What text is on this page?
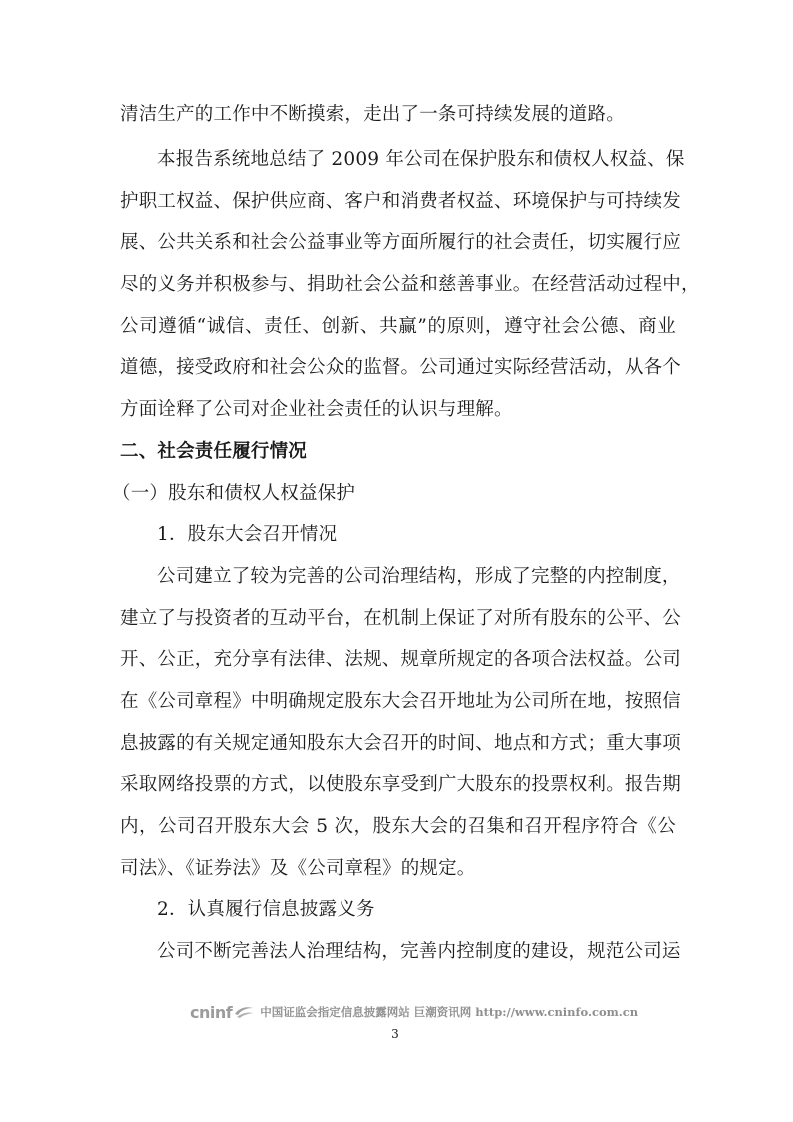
清洁生产的工作中不断摸索，走出了一条可持续发展的道路。
本报告系统地总结了 2009 年公司在保护股东和债权人权益、保
护职工权益、保护供应商、客户和消费者权益、环境保护与可持续发
展、公共关系和社会公益事业等方面所履行的社会责任，切实履行应
尽的义务并积极参与、捐助社会公益和慈善事业。在经营活动过程中，
公司遵循“诚信、责任、创新、共赢”的原则，遵守社会公德、商业
道德，接受政府和社会公众的监督。公司通过实际经营活动，从各个
方面诠释了公司对企业社会责任的认识与理解。
二、社会责任履行情况
（一）股东和债权人权益保护
1．股东大会召开情况
公司建立了较为完善的公司治理结构，形成了完整的内控制度，
建立了与投资者的互动平台，在机制上保证了对所有股东的公平、公
开、公正，充分享有法律、法规、规章所规定的各项合法权益。公司
在《公司章程》中明确规定股东大会召开地址为公司所在地，按照信
息披露的有关规定通知股东大会召开的时间、地点和方式；重大事项
采取网络投票的方式，以使股东享受到广大股东的投票权利。报告期
内，公司召开股东大会 5 次，股东大会的召集和召开程序符合《公
司法》、《证券法》及《公司章程》的规定。
2．认真履行信息披露义务
公司不断完善法人治理结构，完善内控制度的建设，规范公司运
cninf 中国证监会指定信息披露网站 巨潮资讯网 http://www.cninfo.com.cn
3
